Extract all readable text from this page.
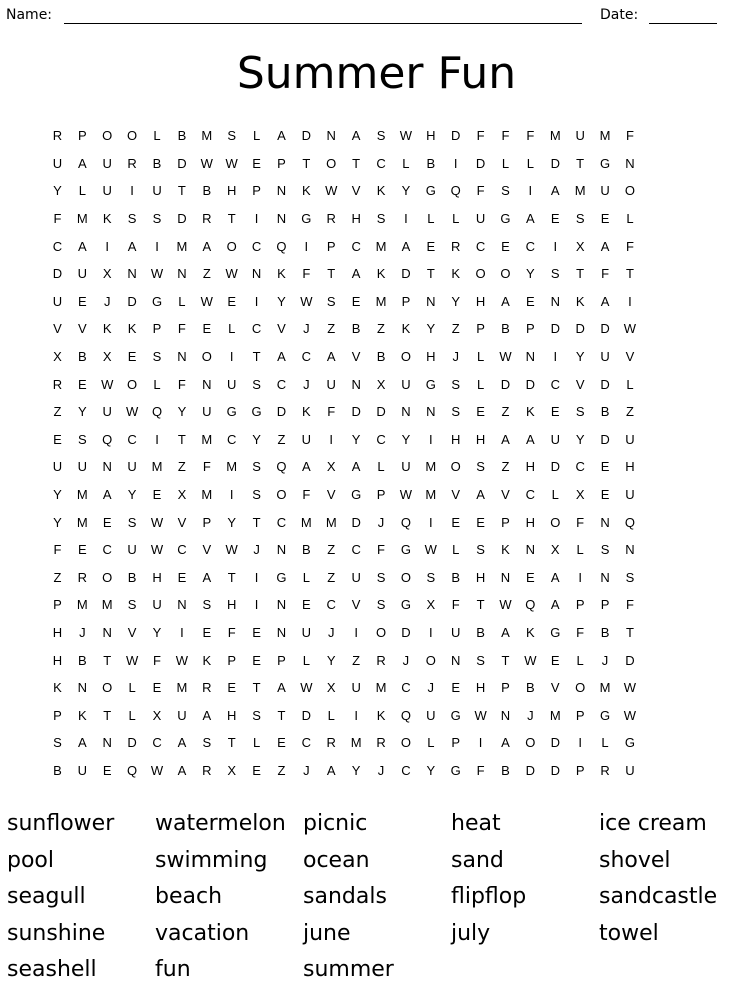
Name:	Date:
Summer Fun
R	P	O	O	L	B	M	S	L	A	D	N	A	S	W	H	D	F	F	F	M	U	M	F
U	A	U	R	B	D	W W	E	P	T	O	T	C	L	B	I	D	L	L	D	T	G	N
Y	L	U	I	U	T	B	H	P	N	K	W	V	K	Y	G	Q	F	S	I	A	M	U	O
F	M	K	S	S	D	R	T	I	N	G	R	H	S	I	L	L	U	G	A	E	S	E	L
C	A	I	A	I	M	A	O	C	Q	I	P	C	M	A	E	R	C	E	C	I	X	A	F
D	U	X	N	W	N	Z	W	N	K	F	T	A	K	D	T	K	O	O	Y	S	T	F	T
U	E	J	D	G	L	W	E	I	Y	W	S	E	M	P	N	Y	H	A	E	N	K	A	I
V	V	K	K	P	F	E	L	C	V	J	Z	B	Z	K	Y	Z	P	B	P	D	D	D	W
X	B	X	E	S	N	O	I	T	A	C	A	V	B	O	H	J	L	W	N	I	Y	U	V
R	E	W	O	L	F	N	U	S	C	J	U	N	X	U	G	S	L	D	D	C	V	D	L
Z	Y	U	W	Q	Y	U	G	G	D	K	F	D	D	N	N	S	E	Z	K	E	S	B	Z
E	S	Q	C	I	T	M	C	Y	Z	U	I	Y	C	Y	I	H	H	A	A	U	Y	D	U
U	U	N	U	M	Z	F	M	S	Q	A	X	A	L	U	M	O	S	Z	H	D	C	E	H
Y	M	A	Y	E	X	M	I	S	O	F	V	G	P	W	M	V	A	V	C	L	X	E	U
Y	M	E	S	W	V	P	Y	T	C	M	M	D	J	Q	I	E	E	P	H	O	F	N	Q
F	E	C	U	W	C	V	W	J	N	B	Z	C	F	G	W	L	S	K	N	X	L	S	N
Z	R	O	B	H	E	A	T	I	G	L	Z	U	S	O	S	B	H	N	E	A	I	N	S
P	M	M	S	U	N	S	H	I	N	E	C	V	S	G	X	F	T	W	Q	A	P	P	F
H	J	N	V	Y	I	E	F	E	N	U	J	I	O	D	I	U	B	A	K	G	F	B	T
H	B	T	W	F	W	K	P	E	P	L	Y	Z	R	J	O	N	S	T	W	E	L	J	D
K	N	O	L	E	M	R	E	T	A	W	X	U	M	C	J	E	H	P	B	V	O	M	W
P	K	T	L	X	U	A	H	S	T	D	L	I	K	Q	U	G	W	N	J	M	P	G	W
S	A	N	D	C	A	S	T	L	E	C	R	M	R	O	L	P	I	A	O	D	I	L	G
B	U	E	Q	W	A	R	X	E	Z	J	A	Y	J	C	Y	G	F	B	D	D	P	R	U
sunflower
pool
seagull
sunshine
seashell
watermelon
swimming
beach
vacation
fun
picnic
ocean
sandals
june
summer
heat
sand
flipflop
july
ice cream
shovel
sandcastle
towel
